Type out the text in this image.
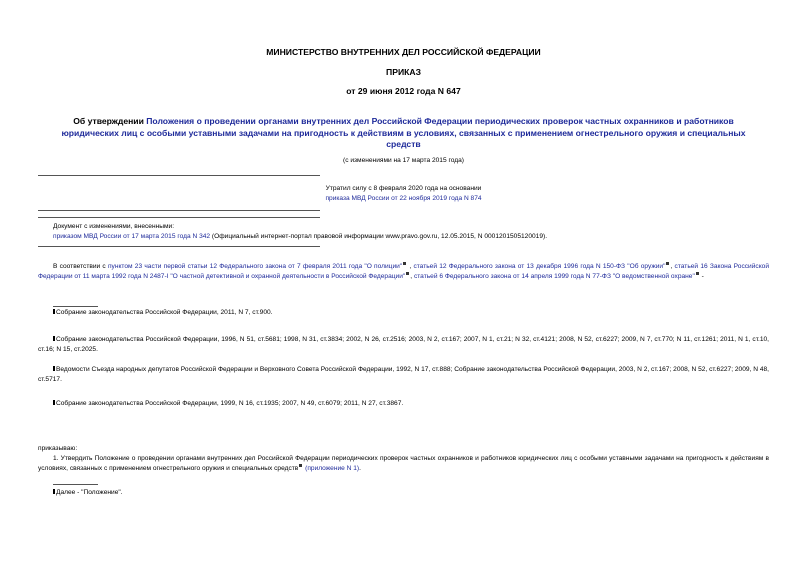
МИНИСТЕРСТВО ВНУТРЕННИХ ДЕЛ РОССИЙСКОЙ ФЕДЕРАЦИИ
ПРИКАЗ
от 29 июня 2012 года N 647
Об утверждении Положения о проведении органами внутренних дел Российской Федерации периодических проверок частных охранников и работников юридических лиц с особыми уставными задачами на пригодность к действиям в условиях, связанных с применением огнестрельного оружия и специальных средств
(с изменениями на 17 марта 2015 года)
Утратил силу с 8 февраля 2020 года на основании
приказа МВД России от 22 ноября 2019 года N 874
Документ с изменениями, внесенными:
приказом МВД России от 17 марта 2015 года N 342 (Официальный интернет-портал правовой информации www.pravo.gov.ru, 12.05.2015, N 0001201505120019).
В соответствии с пунктом 23 части первой статьи 12 Федерального закона от 7 февраля 2011 года "О полиции" , статьей 12 Федерального закона от 13 декабря 1996 года N 150-ФЗ "Об оружии" , статьей 16 Закона Российской Федерации от 11 марта 1992 года N 2487-I "О частной детективной и охранной деятельности в Российской Федерации" , статьей 6 Федерального закона от 14 апреля 1999 года N 77-ФЗ "О ведомственной охране" -
Собрание законодательства Российской Федерации, 2011, N 7, ст.900.
Собрание законодательства Российской Федерации, 1996, N 51, ст.5681; 1998, N 31, ст.3834; 2002, N 26, ст.2516; 2003, N 2, ст.167; 2007, N 1, ст.21; N 32, ст.4121; 2008, N 52, ст.6227; 2009, N 7, ст.770; N 11, ст.1261; 2011, N 1, ст.10, ст.16; N 15, ст.2025.
Ведомости Съезда народных депутатов Российской Федерации и Верховного Совета Российской Федерации, 1992, N 17, ст.888; Собрание законодательства Российской Федерации, 2003, N 2, ст.167; 2008, N 52, ст.6227; 2009, N 48, ст.5717.
Собрание законодательства Российской Федерации, 1999, N 16, ст.1935; 2007, N 49, ст.6079; 2011, N 27, ст.3867.
приказываю:
1. Утвердить Положение о проведении органами внутренних дел Российской Федерации периодических проверок частных охранников и работников юридических лиц с особыми уставными задачами на пригодность к действиям в условиях, связанных с применением огнестрельного оружия и специальных средств (приложение N 1).
Далее - "Положение".
